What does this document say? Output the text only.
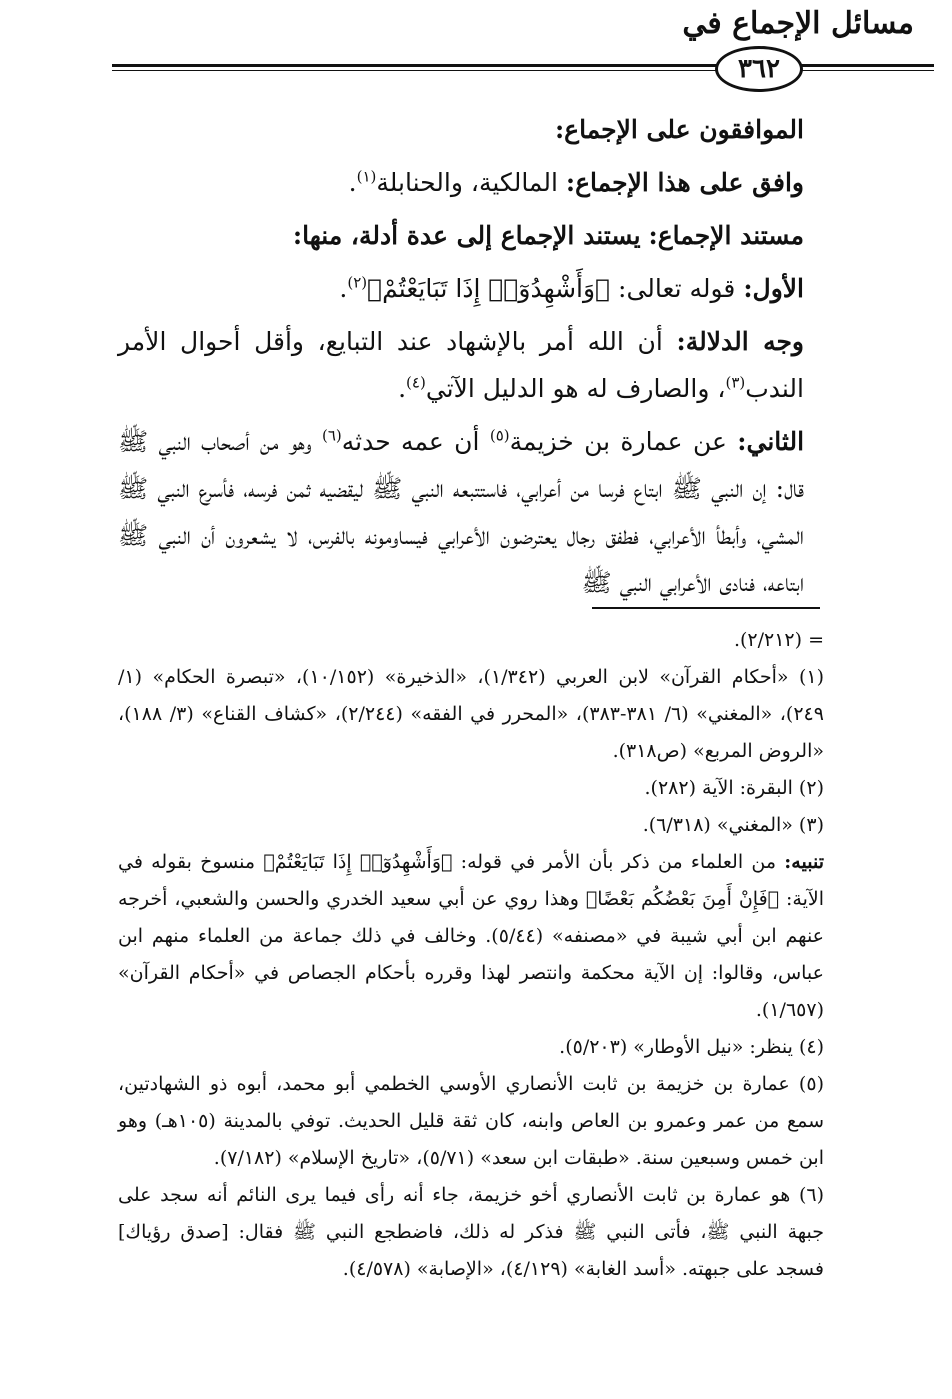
مسائل الإجماع في
٣٦٢

الموافقون على الإجماع:

وافق على هذا الإجماع: المالكية، والحنابلة$^{(١)}$.

مستند الإجماع: يستند الإجماع إلى عدة أدلة، منها:

الأول: قوله تعالى: ﴿وَأَشْهِدُوٓا۟ إِذَا تَبَايَعْتُمْ﴾$^{(٢)}$.

وجه الدلالة: أن الله أمر بالإشهاد عند التبايع، وأقل أحوال الأمر الندب$^{(٣)}$، والصارف له هو الدليل الآتي$^{(٤)}$.

الثاني: عن عمارة بن خزيمة$^{(٥)}$ أن عمه حدثه$^{(٦)}$ وهو من أصحاب النبي ﷺ قال: إن النبي ﷺ ابتاع فرسا من أعرابي، فاستتبعه النبي ﷺ ليقضيه ثمن فرسه، فأسرع النبي ﷺ المشي، وأبطأ الأعرابي، فطفق رجال يعترضون الأعرابي فيساومونه بالفرس، لا يشعرون أن النبي ﷺ ابتاعه، فنادى الأعرابي النبي ﷺ

= (٢/٢١٢).

(١) «أحكام القرآن» لابن العربي (١/٣٤٢)، «الذخيرة» (١٠/١٥٢)، «تبصرة الحكام» (١/ ٢٤٩)، «المغني» (٦/ ٣٨١-٣٨٣)، «المحرر في الفقه» (٢/٢٤٤)، «كشاف القناع» (٣/ ١٨٨)، «الروض المربع» (ص٣١٨).

(٢) البقرة: الآية (٢٨٢).

(٣) «المغني» (٦/٣١٨).

تنبيه: من العلماء من ذكر بأن الأمر في قوله: ﴿وَأَشْهِدُوٓا۟ إِذَا تَبَايَعْتُمْ﴾ منسوخ بقوله في الآية: ﴿فَإِنْ أَمِنَ بَعْضُكُم بَعْضًا﴾ وهذا روي عن أبي سعيد الخدري والحسن والشعبي، أخرجه عنهم ابن أبي شيبة في «مصنفه» (٥/٤٤). وخالف في ذلك جماعة من العلماء منهم ابن عباس، وقالوا: إن الآية محكمة وانتصر لهذا وقرره بأحكام الجصاص في «أحكام القرآن» (١/٦٥٧).

(٤) ينظر: «نيل الأوطار» (٥/٢٠٣).

(٥) عمارة بن خزيمة بن ثابت الأنصاري الأوسي الخطمي أبو محمد، أبوه ذو الشهادتين، سمع من عمر وعمرو بن العاص وابنه، كان ثقة قليل الحديث. توفي بالمدينة (١٠٥هـ) وهو ابن خمس وسبعين سنة. «طبقات ابن سعد» (٥/٧١)، «تاريخ الإسلام» (٧/١٨٢).

(٦) هو عمارة بن ثابت الأنصاري أخو خزيمة، جاء أنه رأى فيما يرى النائم أنه سجد على جبهة النبي ﷺ، فأتى النبي ﷺ فذكر له ذلك، فاضطجع النبي ﷺ فقال: [صدق رؤياك] فسجد على جبهته. «أسد الغابة» (٤/١٢٩)، «الإصابة» (٤/٥٧٨).
